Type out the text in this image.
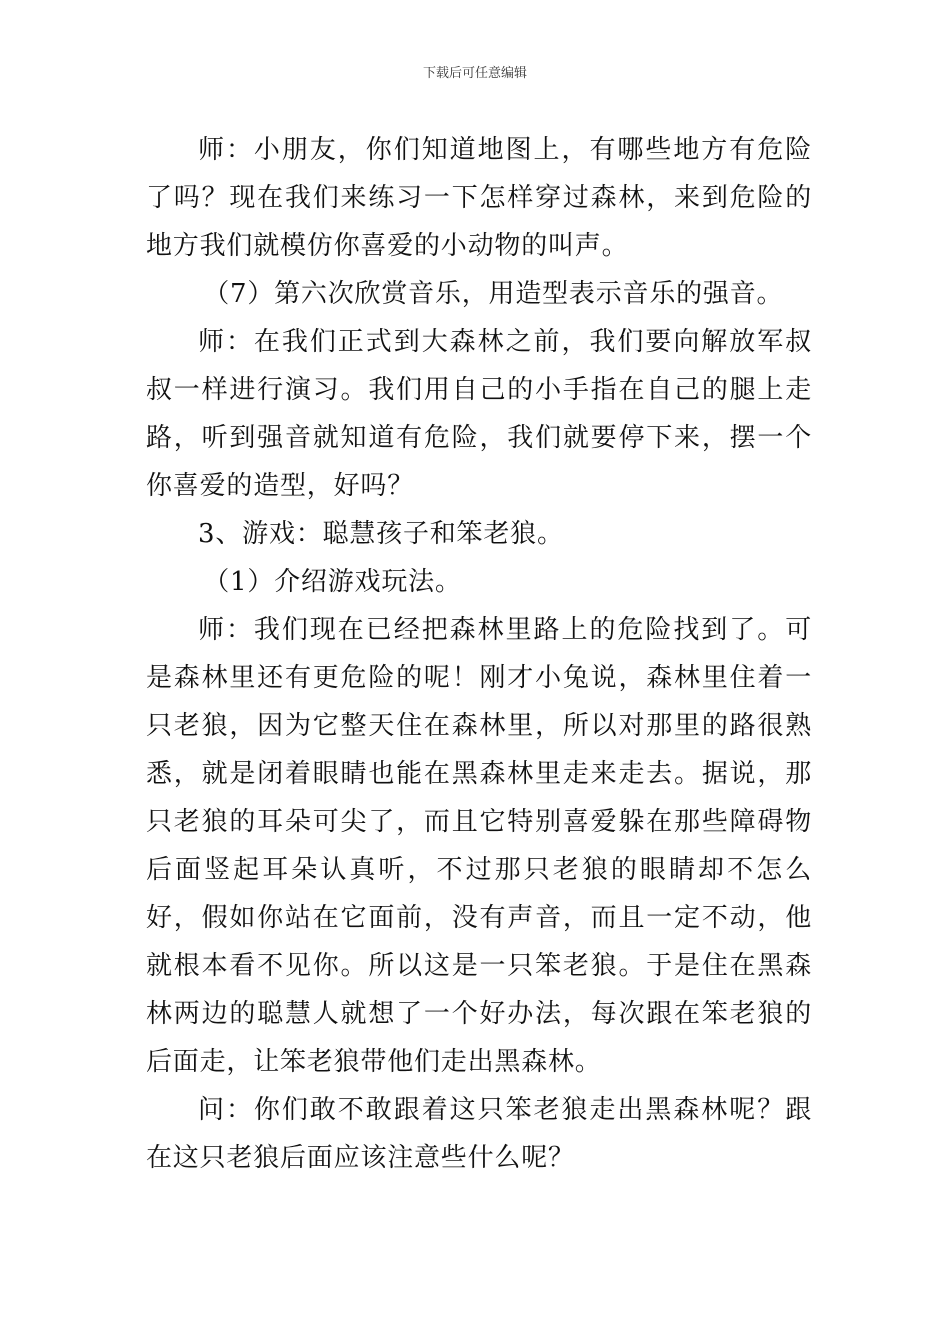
下载后可任意编辑

师：小朋友，你们知道地图上，有哪些地方有危险了吗？现在我们来练习一下怎样穿过森林，来到危险的地方我们就模仿你喜爱的小动物的叫声。

（7）第六次欣赏音乐，用造型表示音乐的强音。

师：在我们正式到大森林之前，我们要向解放军叔叔一样进行演习。我们用自己的小手指在自己的腿上走路，听到强音就知道有危险，我们就要停下来，摆一个你喜爱的造型，好吗？

3、游戏：聪慧孩子和笨老狼。

（1）介绍游戏玩法。

师：我们现在已经把森林里路上的危险找到了。可是森林里还有更危险的呢！刚才小兔说，森林里住着一只老狼，因为它整天住在森林里，所以对那里的路很熟悉，就是闭着眼睛也能在黑森林里走来走去。据说，那只老狼的耳朵可尖了，而且它特别喜爱躲在那些障碍物后面竖起耳朵认真听，不过那只老狼的眼睛却不怎么好，假如你站在它面前，没有声音，而且一定不动，他就根本看不见你。所以这是一只笨老狼。于是住在黑森林两边的聪慧人就想了一个好办法，每次跟在笨老狼的后面走，让笨老狼带他们走出黑森林。

问：你们敢不敢跟着这只笨老狼走出黑森林呢？跟在这只老狼后面应该注意些什么呢？
